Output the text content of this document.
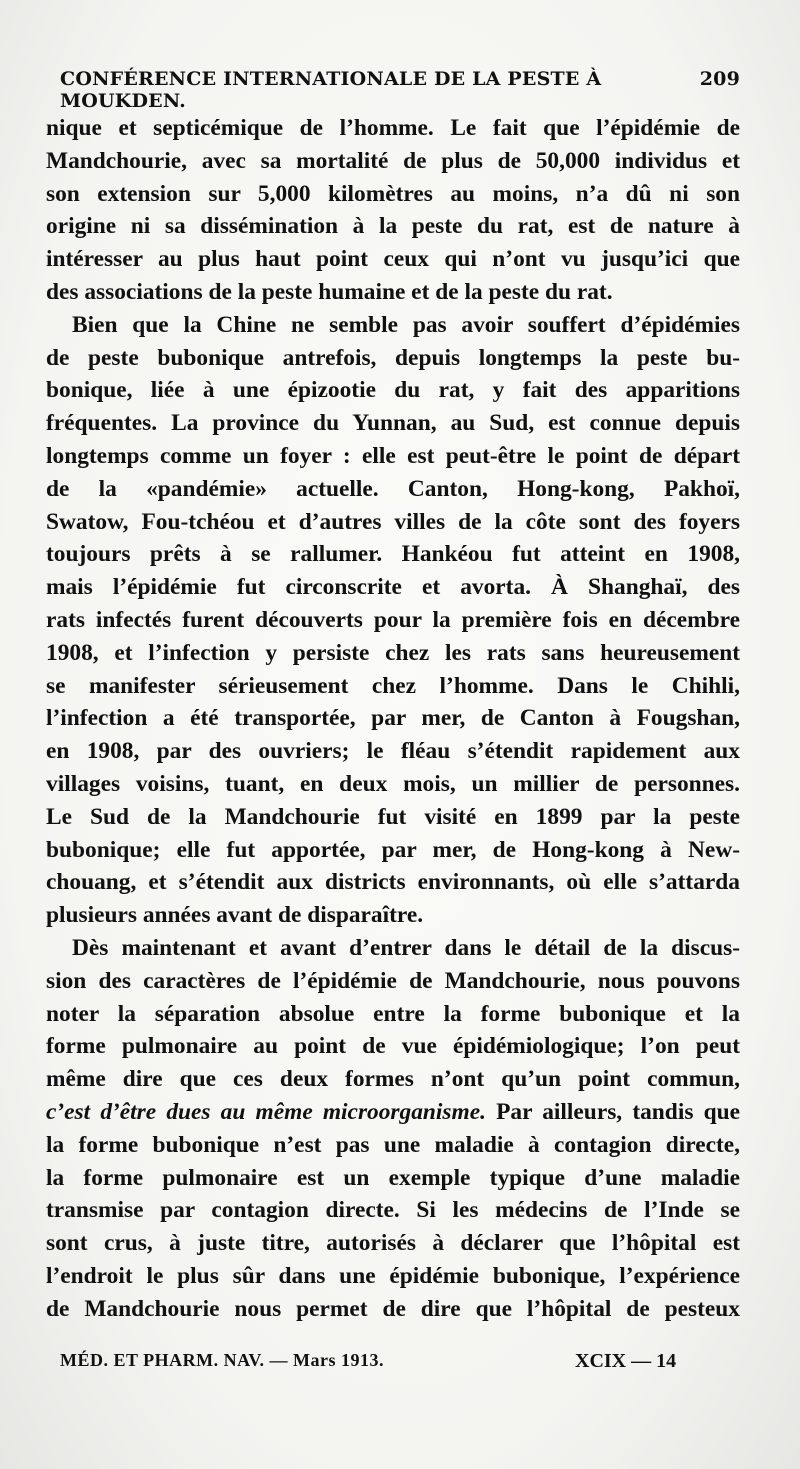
CONFÉRENCE INTERNATIONALE DE LA PESTE À MOUKDEN.
209

nique et septicémique de l’homme. Le fait que l’épidémie de

Mandchourie, avec sa mortalité de plus de 50,000 individus et

son extension sur 5,000 kilomètres au moins, n’a dû ni son

origine ni sa dissémination à la peste du rat, est de nature à

intéresser au plus haut point ceux qui n’ont vu jusqu’ici que

des associations de la peste humaine et de la peste du rat.

Bien que la Chine ne semble pas avoir souffert d’épidémies

de peste bubonique antrefois, depuis longtemps la peste bu-

bonique, liée à une épizootie du rat, y fait des apparitions

fréquentes. La province du Yunnan, au Sud, est connue depuis

longtemps comme un foyer : elle est peut-être le point de départ

de la «pandémie» actuelle. Canton, Hong-kong, Pakhoï,

Swatow, Fou-tchéou et d’autres villes de la côte sont des foyers

toujours prêts à se rallumer. Hankéou fut atteint en 1908,

mais l’épidémie fut circonscrite et avorta. À Shanghaï, des

rats infectés furent découverts pour la première fois en décembre

1908, et l’infection y persiste chez les rats sans heureusement

se manifester sérieusement chez l’homme. Dans le Chihli,

l’infection a été transportée, par mer, de Canton à Fougshan,

en 1908, par des ouvriers; le fléau s’étendit rapidement aux

villages voisins, tuant, en deux mois, un millier de personnes.

Le Sud de la Mandchourie fut visité en 1899 par la peste

bubonique; elle fut apportée, par mer, de Hong-kong à New-

chouang, et s’étendit aux districts environnants, où elle s’attarda

plusieurs années avant de disparaître.

Dès maintenant et avant d’entrer dans le détail de la discus-

sion des caractères de l’épidémie de Mandchourie, nous pouvons

noter la séparation absolue entre la forme bubonique et la

forme pulmonaire au point de vue épidémiologique; l’on peut

même dire que ces deux formes n’ont qu’un point commun,

c’est d’être dues au même microorganisme. Par ailleurs, tandis que

la forme bubonique n’est pas une maladie à contagion directe,

la forme pulmonaire est un exemple typique d’une maladie

transmise par contagion directe. Si les médecins de l’Inde se

sont crus, à juste titre, autorisés à déclarer que l’hôpital est

l’endroit le plus sûr dans une épidémie bubonique, l’expérience

de Mandchourie nous permet de dire que l’hôpital de pesteux

MÉD. ET PHARM. NAV. — Mars 1913.	XCIX — 14
